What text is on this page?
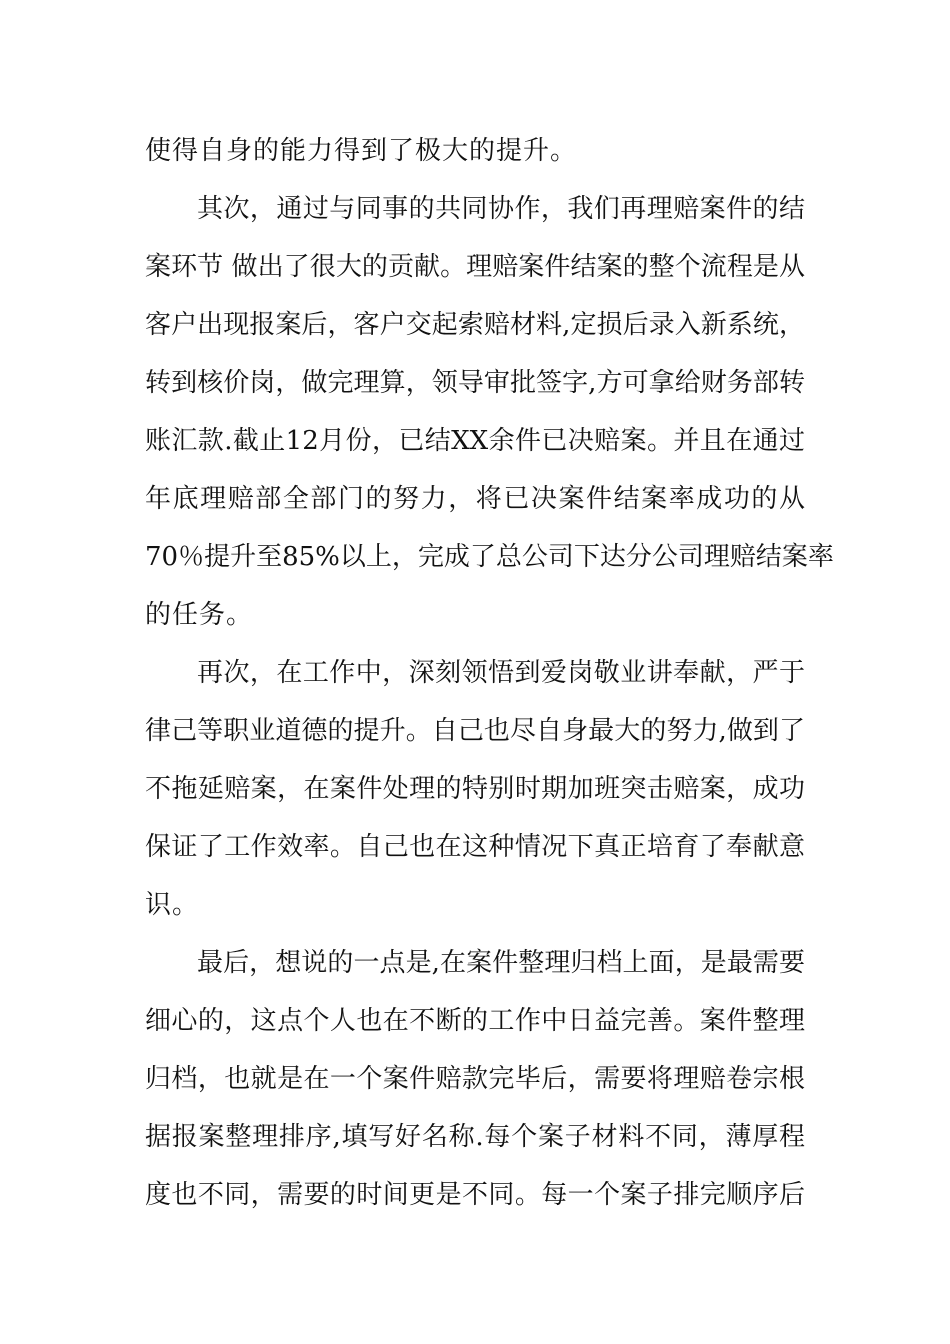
使得自身的能力得到了极大的提升。
其次，通过与同事的共同协作，我们再理赔案件的结
案环节 做出了很大的贡献。理赔案件结案的整个流程是从
客户出现报案后，客户交起索赔材料,定损后录入新系统，
转到核价岗，做完理算，领导审批签字,方可拿给财务部转
账汇款.截止12月份，已结XX余件已决赔案。并且在通过
年底理赔部全部门的努力，将已决案件结案率成功的从
70％提升至85%以上，完成了总公司下达分公司理赔结案率
的任务。
再次，在工作中，深刻领悟到爱岗敬业讲奉献，严于
律己等职业道德的提升。自己也尽自身最大的努力,做到了
不拖延赔案，在案件处理的特别时期加班突击赔案，成功
保证了工作效率。自己也在这种情况下真正培育了奉献意
识。
最后，想说的一点是,在案件整理归档上面，是最需要
细心的，这点个人也在不断的工作中日益完善。案件整理
归档，也就是在一个案件赔款完毕后，需要将理赔卷宗根
据报案整理排序,填写好名称.每个案子材料不同，薄厚程
度也不同，需要的时间更是不同。每一个案子排完顺序后
